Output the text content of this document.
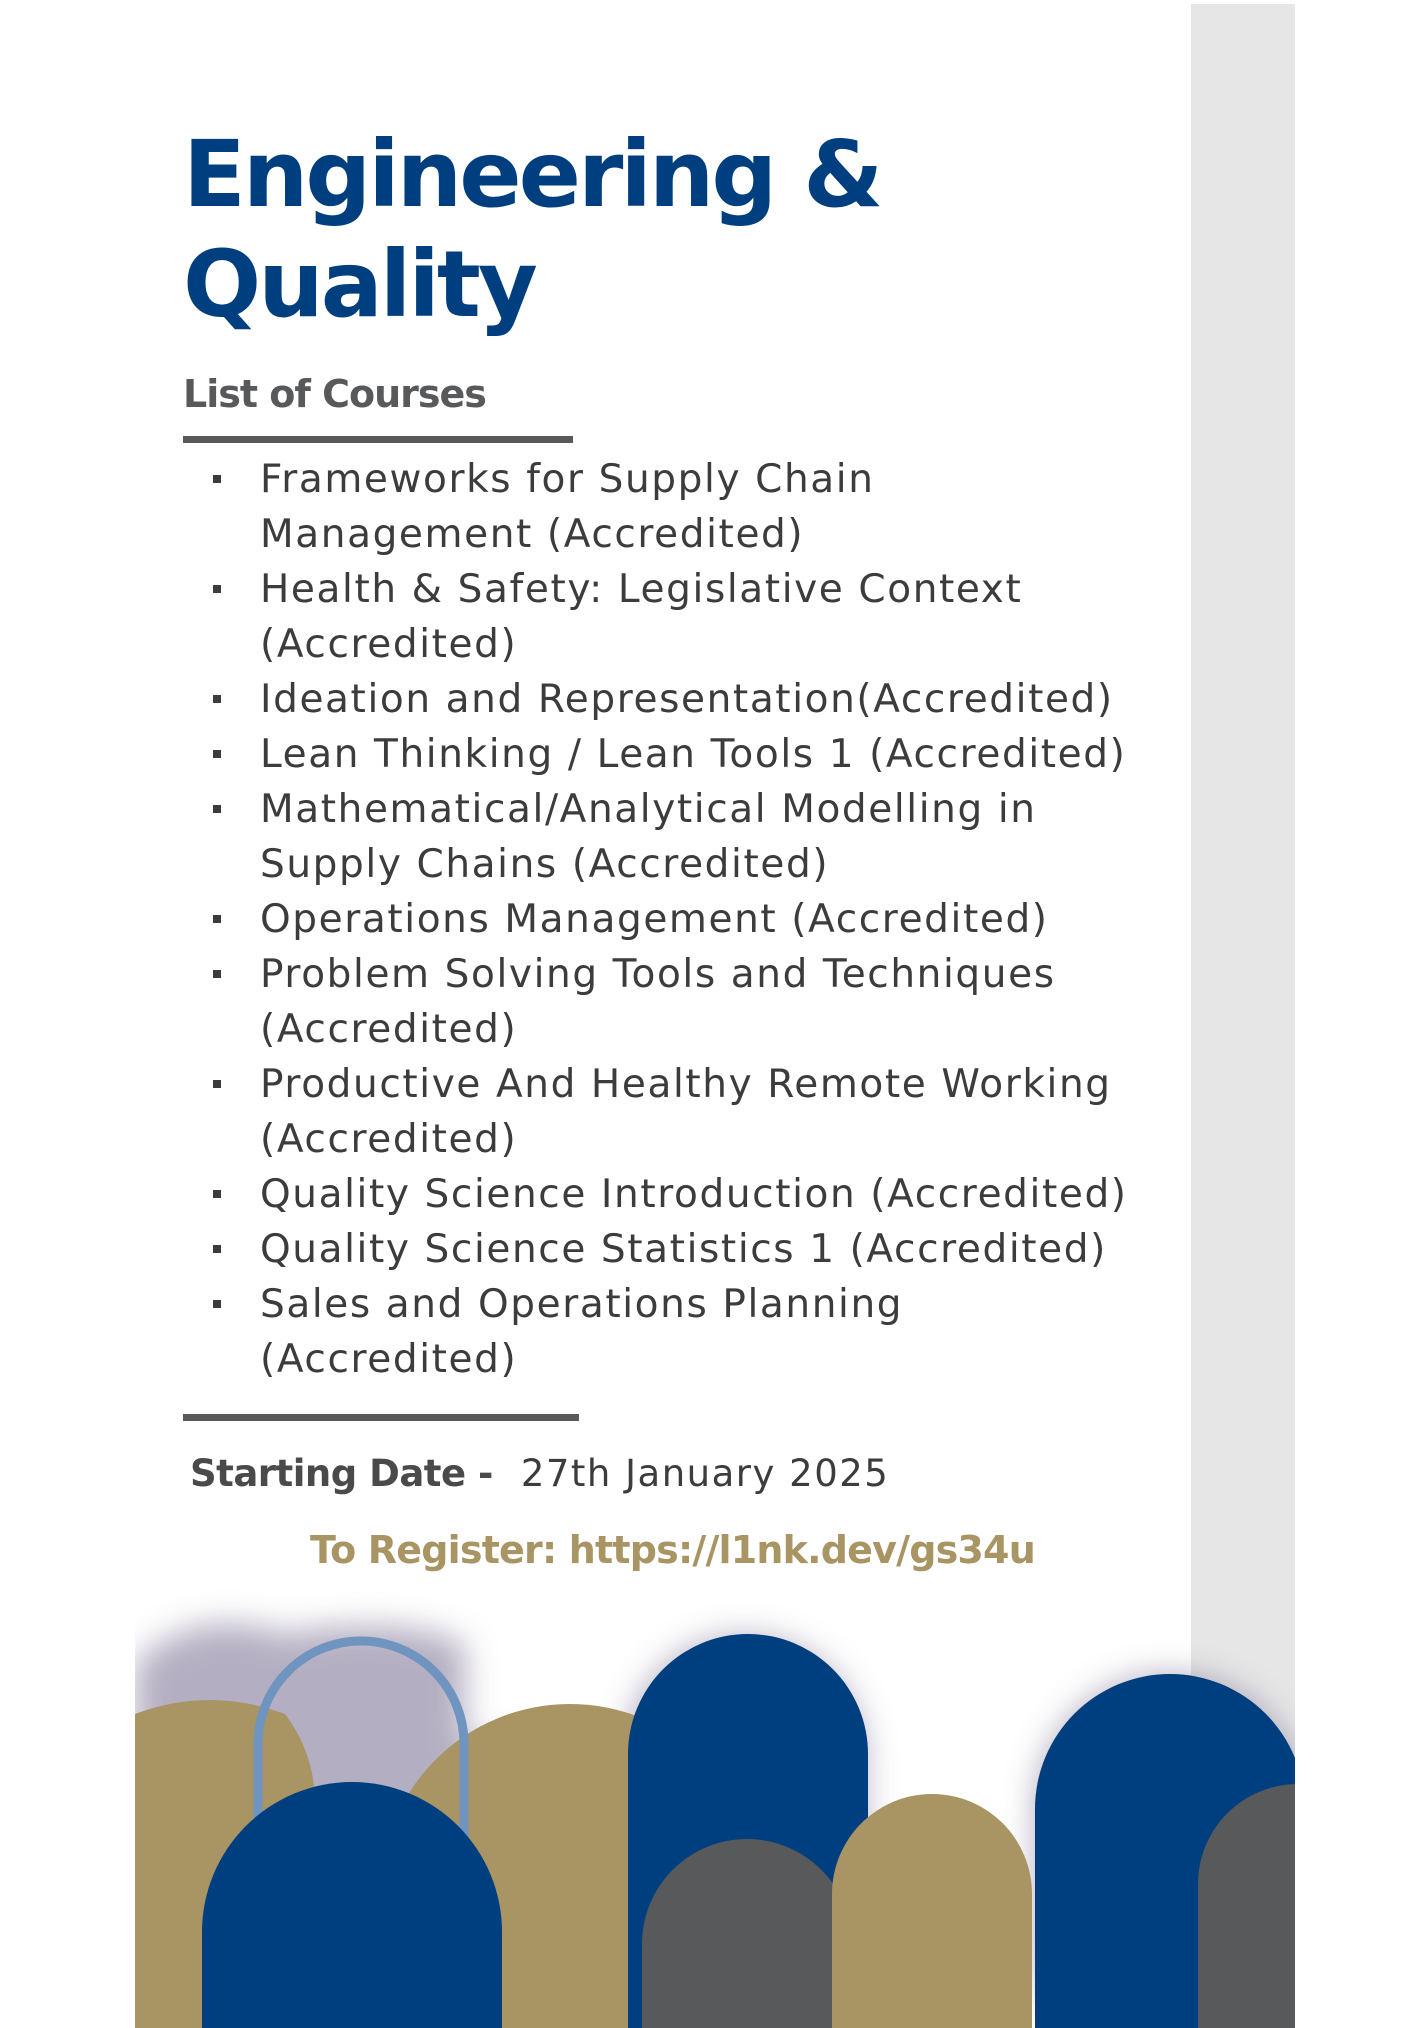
Engineering &
Quality
List of Courses
Frameworks for Supply Chain
Management (Accredited)
Health & Safety: Legislative Context
(Accredited)
Ideation and Representation(Accredited)
Lean Thinking / Lean Tools 1 (Accredited)
Mathematical/Analytical Modelling in
Supply Chains (Accredited)
Operations Management (Accredited)
Problem Solving Tools and Techniques
(Accredited)
Productive And Healthy Remote Working
(Accredited)
Quality Science Introduction (Accredited)
Quality Science Statistics 1 (Accredited)
Sales and Operations Planning
(Accredited)
Starting Date - 27th January 2025
To Register: https://l1nk.dev/gs34u
